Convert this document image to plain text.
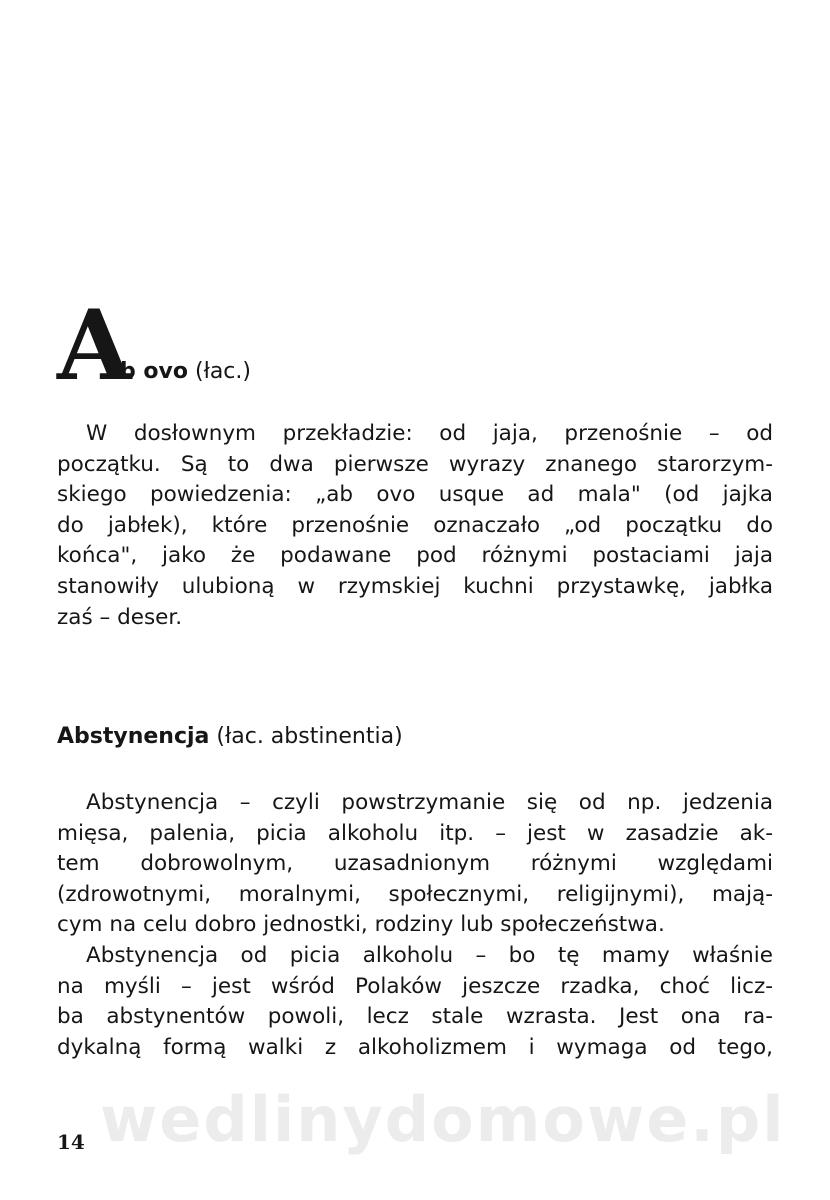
A
b ovo (łac.)
W dosłownym przekładzie: od jaja, przenośnie – od
początku. Są to dwa pierwsze wyrazy znanego starorzym-
skiego powiedzenia: „ab ovo usque ad mala" (od jajka
do jabłek), które przenośnie oznaczało „od początku do
końca", jako że podawane pod różnymi postaciami jaja
stanowiły ulubioną w rzymskiej kuchni przystawkę, jabłka
zaś – deser.
Abstynencja (łac. abstinentia)
Abstynencja – czyli powstrzymanie się od np. jedzenia
mięsa, palenia, picia alkoholu itp. – jest w zasadzie ak-
tem dobrowolnym, uzasadnionym różnymi względami
(zdrowotnymi, moralnymi, społecznymi, religijnymi), mają-
cym na celu dobro jednostki, rodziny lub społeczeństwa.
Abstynencja od picia alkoholu – bo tę mamy właśnie
na myśli – jest wśród Polaków jeszcze rzadka, choć licz-
ba abstynentów powoli, lecz stale wzrasta. Jest ona ra-
dykalną formą walki z alkoholizmem i wymaga od tego,
wedlinydomowe.pl
14
